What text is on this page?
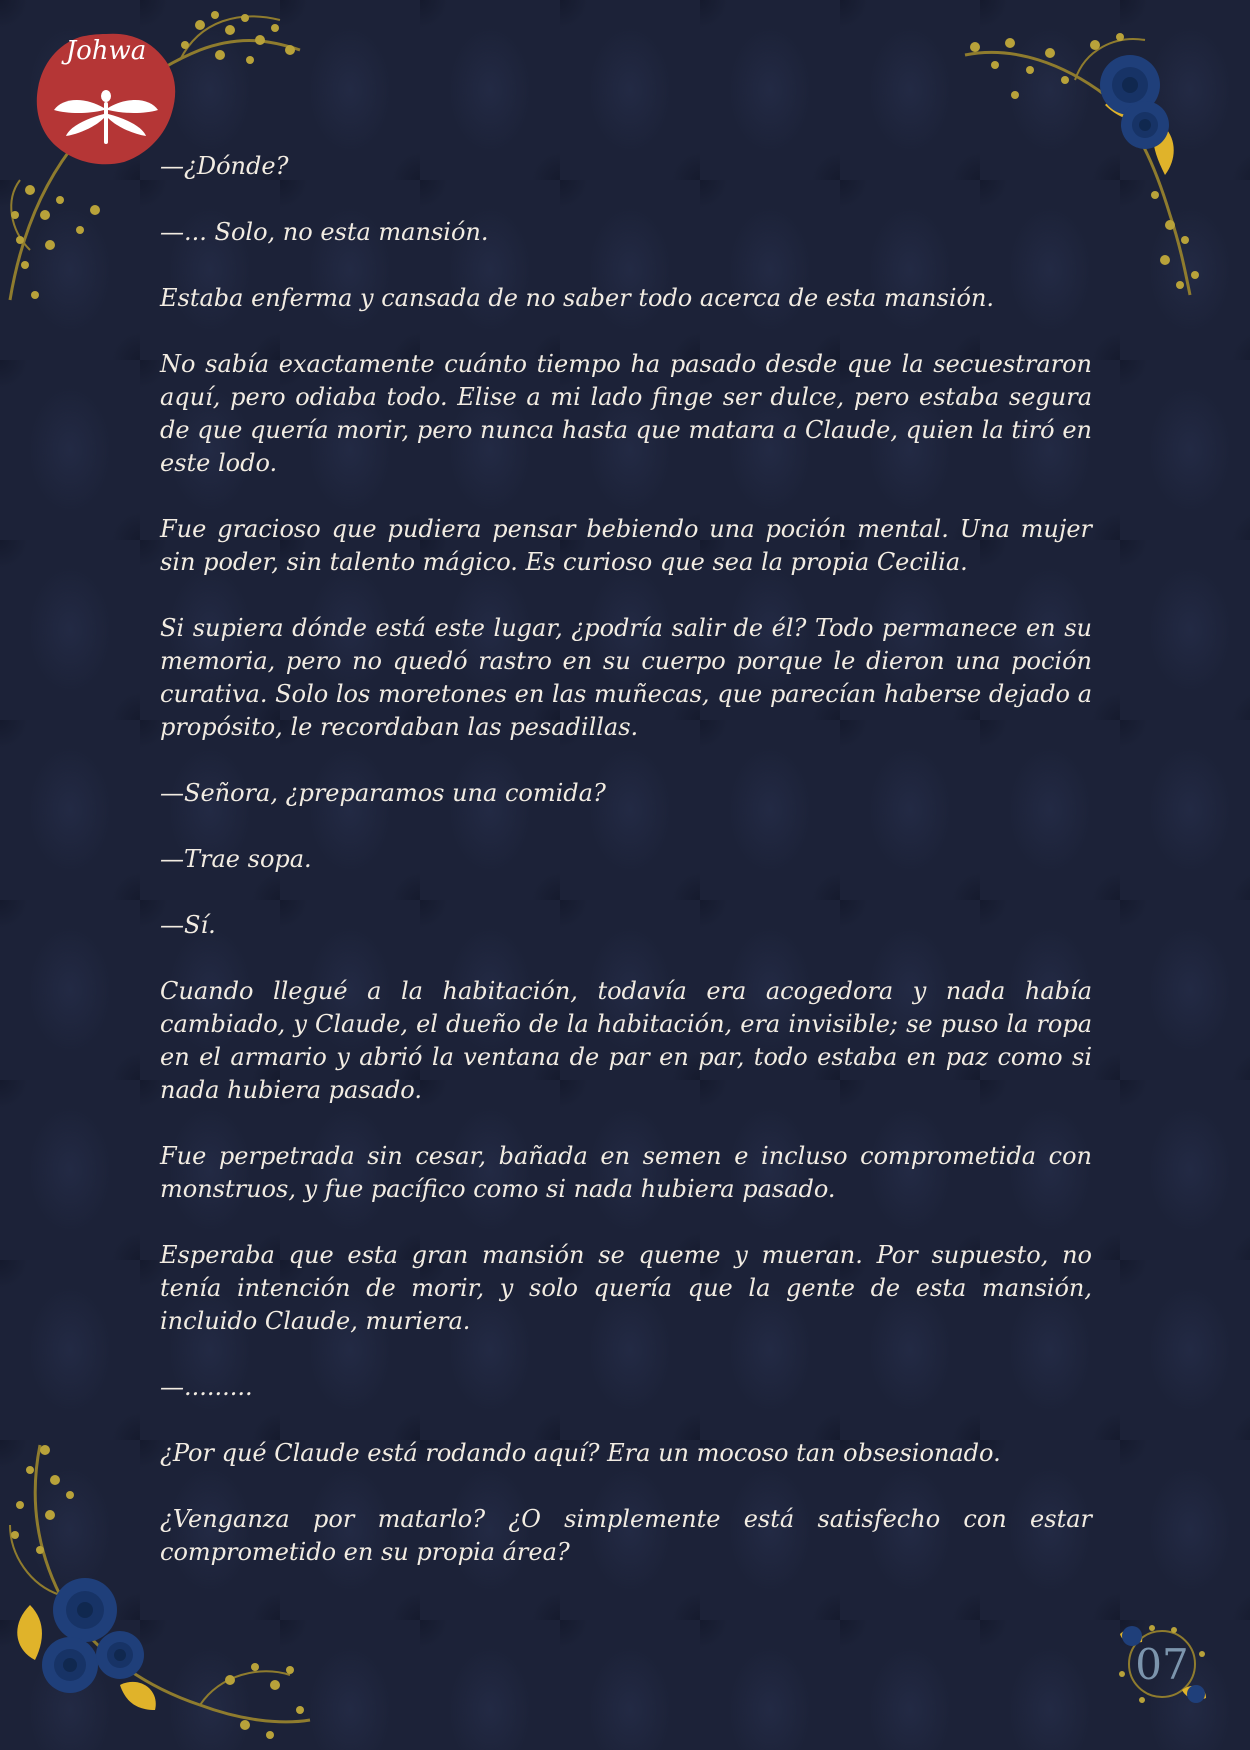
Johwa
07

—¿Dónde?

—... Solo, no esta mansión.

Estaba enferma y cansada de no saber todo acerca de esta mansión.

No sabía exactamente cuánto tiempo ha pasado desde que la secuestraron aquí, pero odiaba todo. Elise a mi lado finge ser dulce, pero estaba segura de que quería morir, pero nunca hasta que matara a Claude, quien la tiró en este lodo.

Fue gracioso que pudiera pensar bebiendo una poción mental. Una mujer sin poder, sin talento mágico. Es curioso que sea la propia Cecilia.

Si supiera dónde está este lugar, ¿podría salir de él? Todo permanece en su memoria, pero no quedó rastro en su cuerpo porque le dieron una poción curativa. Solo los moretones en las muñecas, que parecían haberse dejado a propósito, le recordaban las pesadillas.

—Señora, ¿preparamos una comida?

—Trae sopa.

—Sí.

Cuando llegué a la habitación, todavía era acogedora y nada había cambiado, y Claude, el dueño de la habitación, era invisible; se puso la ropa en el armario y abrió la ventana de par en par, todo estaba en paz como si nada hubiera pasado.

Fue perpetrada sin cesar, bañada en semen e incluso comprometida con monstruos, y fue pacífico como si nada hubiera pasado.

Esperaba que esta gran mansión se queme y mueran. Por supuesto, no tenía intención de morir, y solo quería que la gente de esta mansión, incluido Claude, muriera.

—.........

¿Por qué Claude está rodando aquí? Era un mocoso tan obsesionado.

¿Venganza por matarlo? ¿O simplemente está satisfecho con estar comprometido en su propia área?
